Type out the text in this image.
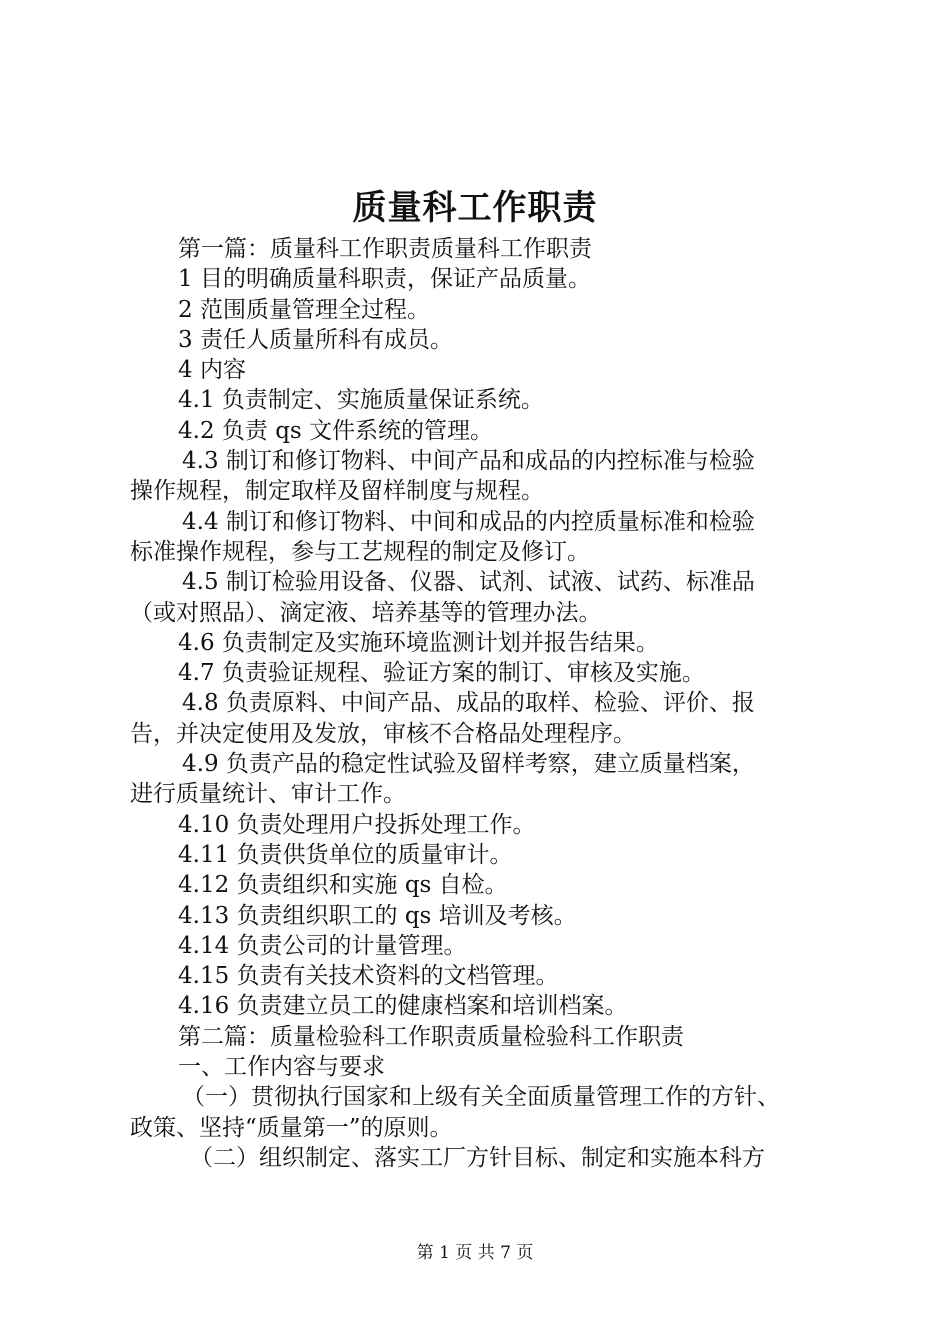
质量科工作职责

第一篇：质量科工作职责质量科工作职责

1 目的明确质量科职责，保证产品质量。

2 范围质量管理全过程。

3 责任人质量所科有成员。

4 内容

4.1 负责制定、实施质量保证系统。

4.2 负责 qs 文件系统的管理。

4.3 制订和修订物料、中间产品和成品的内控标准与检验

操作规程，制定取样及留样制度与规程。

4.4 制订和修订物料、中间和成品的内控质量标准和检验

标准操作规程，参与工艺规程的制定及修订。

4.5 制订检验用设备、仪器、试剂、试液、试药、标准品

（或对照品）、滴定液、培养基等的管理办法。

4.6 负责制定及实施环境监测计划并报告结果。

4.7 负责验证规程、验证方案的制订、审核及实施。

4.8 负责原料、中间产品、成品的取样、检验、评价、报

告，并决定使用及发放，审核不合格品处理程序。

4.9 负责产品的稳定性试验及留样考察，建立质量档案，

进行质量统计、审计工作。

4.10 负责处理用户投拆处理工作。

4.11 负责供货单位的质量审计。

4.12 负责组织和实施 qs 自检。

4.13 负责组织职工的 qs 培训及考核。

4.14 负责公司的计量管理。

4.15 负责有关技术资料的文档管理。

4.16 负责建立员工的健康档案和培训档案。

第二篇：质量检验科工作职责质量检验科工作职责

一、工作内容与要求

（一）贯彻执行国家和上级有关全面质量管理工作的方针、

政策、坚持“质量第一”的原则。

（二）组织制定、落实工厂方针目标、制定和实施本科方

第 1 页 共 7 页
